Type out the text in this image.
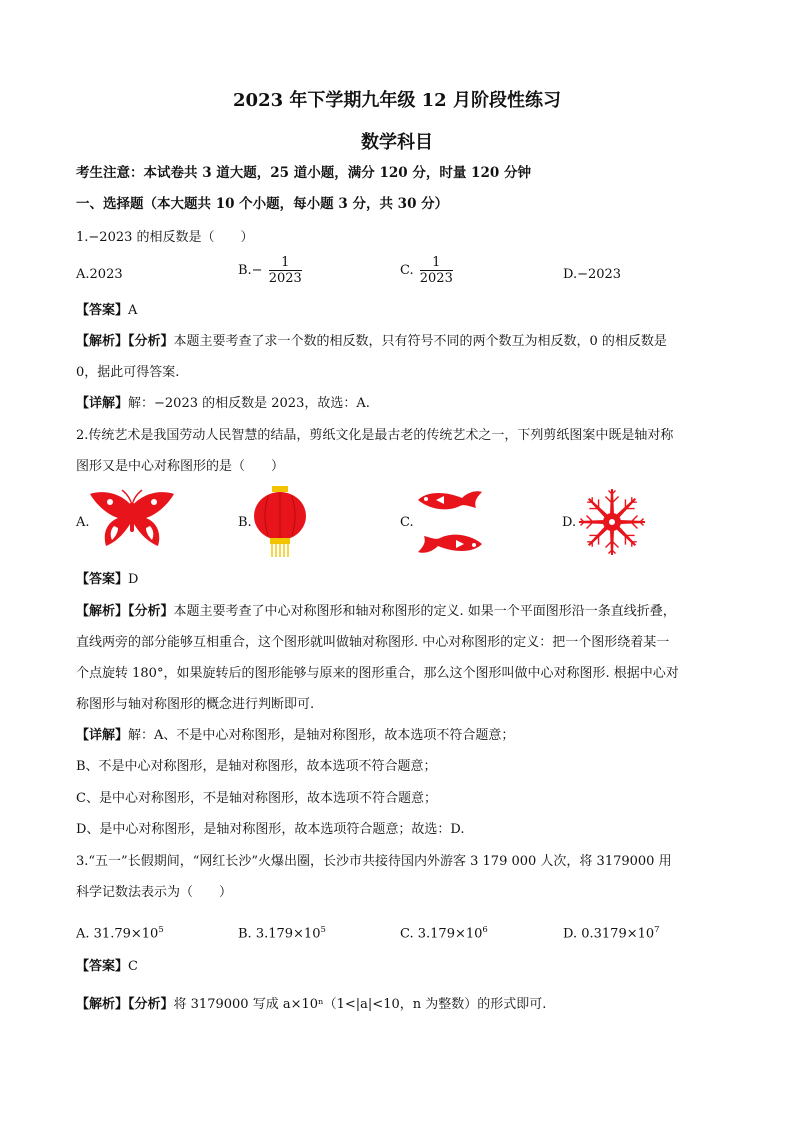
2023 年下学期九年级 12 月阶段性练习
数学科目
考生注意：本试卷共 3 道大题，25 道小题，满分 120 分，时量 120 分钟
一、选择题（本大题共 10 个小题，每小题 3 分，共 30 分）
1.−2023 的相反数是（　　）
A.2023	$B.- \frac{1}{2023}$	C. $\frac{1}{2023}$	D.−2023
【答案】A
【解析】【分析】本题主要考查了求一个数的相反数，只有符号不同的两个数互为相反数，0 的相反数是
0，据此可得答案.
【详解】解：−2023 的相反数是 2023，故选：A.
2.传统艺术是我国劳动人民智慧的结晶，剪纸文化是最古老的传统艺术之一，下列剪纸图案中既是轴对称
图形又是中心对称图形的是（　　）
A.	B.	C.	D.
【答案】D
【解析】【分析】本题主要考查了中心对称图形和轴对称图形的定义. 如果一个平面图形沿一条直线折叠，
直线两旁的部分能够互相重合，这个图形就叫做轴对称图形. 中心对称图形的定义：把一个图形绕着某一
个点旋转 180°，如果旋转后的图形能够与原来的图形重合，那么这个图形叫做中心对称图形. 根据中心对
称图形与轴对称图形的概念进行判断即可.
【详解】解：A、不是中心对称图形，是轴对称图形，故本选项不符合题意；
B、不是中心对称图形，是轴对称图形，故本选项不符合题意；
C、是中心对称图形，不是轴对称图形，故本选项不符合题意；
D、是中心对称图形，是轴对称图形，故本选项符合题意；故选：D.
3.“五一”长假期间，“网红长沙”火爆出圈，长沙市共接待国内外游客 3 179 000 人次，将 3179000 用
科学记数法表示为（　　）
A. $31.79\times 10^5$	B. $3.179\times 10^5$	C. $3.179\times 10^6$	D. $0.3179\times 10^7$
【答案】C
【解析】【分析】将 3179000 写成 a×10ⁿ（1<|a|<10，n 为整数）的形式即可.
